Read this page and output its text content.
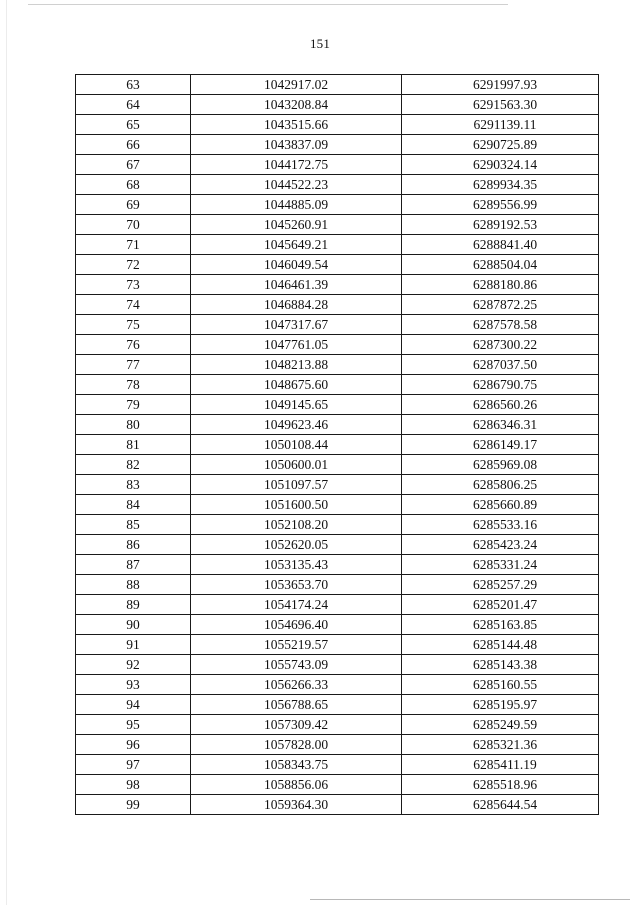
151
63	1042917.02	6291997.93
64	1043208.84	6291563.30
65	1043515.66	6291139.11
66	1043837.09	6290725.89
67	1044172.75	6290324.14
68	1044522.23	6289934.35
69	1044885.09	6289556.99
70	1045260.91	6289192.53
71	1045649.21	6288841.40
72	1046049.54	6288504.04
73	1046461.39	6288180.86
74	1046884.28	6287872.25
75	1047317.67	6287578.58
76	1047761.05	6287300.22
77	1048213.88	6287037.50
78	1048675.60	6286790.75
79	1049145.65	6286560.26
80	1049623.46	6286346.31
81	1050108.44	6286149.17
82	1050600.01	6285969.08
83	1051097.57	6285806.25
84	1051600.50	6285660.89
85	1052108.20	6285533.16
86	1052620.05	6285423.24
87	1053135.43	6285331.24
88	1053653.70	6285257.29
89	1054174.24	6285201.47
90	1054696.40	6285163.85
91	1055219.57	6285144.48
92	1055743.09	6285143.38
93	1056266.33	6285160.55
94	1056788.65	6285195.97
95	1057309.42	6285249.59
96	1057828.00	6285321.36
97	1058343.75	6285411.19
98	1058856.06	6285518.96
99	1059364.30	6285644.54
